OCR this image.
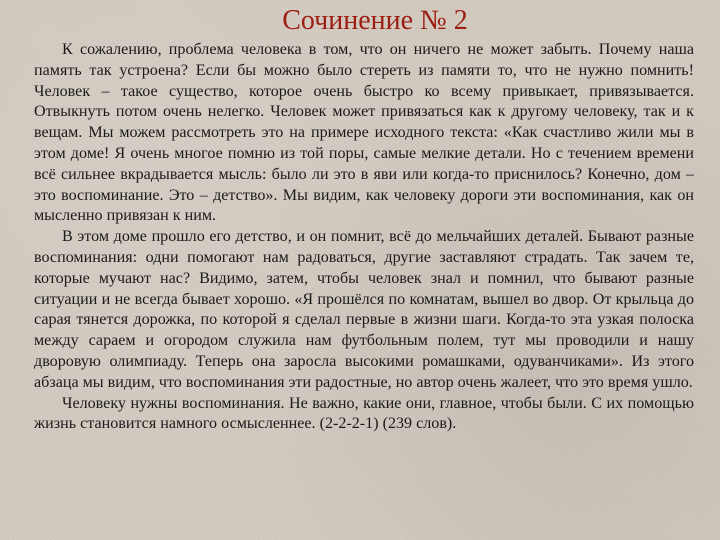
Сочинение № 2

К сожалению, проблема человека в том, что он ничего не может забыть. Почему наша память так устроена? Если бы можно было стереть из памяти то, что не нужно помнить! Человек – такое существо, которое очень быстро ко всему привыкает, привязывается. Отвыкнуть потом очень нелегко. Человек может привязаться как к другому человеку, так и к вещам. Мы можем рассмотреть это на примере исходного текста: «Как счастливо жили мы в этом доме! Я очень многое помню из той поры, самые мелкие детали. Но с течением времени всё сильнее вкрадывается мысль: было ли это в яви или когда-то приснилось? Конечно, дом – это воспоминание. Это – детство». Мы видим, как человеку дороги эти воспоминания, как он мысленно привязан к ним.

В этом доме прошло его детство, и он помнит, всё до мельчайших деталей. Бывают разные воспоминания: одни помогают нам радоваться, другие заставляют страдать. Так зачем те, которые мучают нас? Видимо, затем, чтобы человек знал и помнил, что бывают разные ситуации и не всегда бывает хорошо. «Я прошёлся по комнатам, вышел во двор. От крыльца до сарая тянется дорожка, по которой я сделал первые в жизни шаги. Когда-то эта узкая полоска между сараем и огородом служила нам футбольным полем, тут мы проводили и нашу дворовую олимпиаду. Теперь она заросла высокими ромашками, одуванчиками». Из этого абзаца мы видим, что воспоминания эти радостные, но автор очень жалеет, что это время ушло.

Человеку нужны воспоминания. Не важно, какие они, главное, чтобы были. С их помощью жизнь становится намного осмысленнее. (2-2-2-1) (239 слов).
